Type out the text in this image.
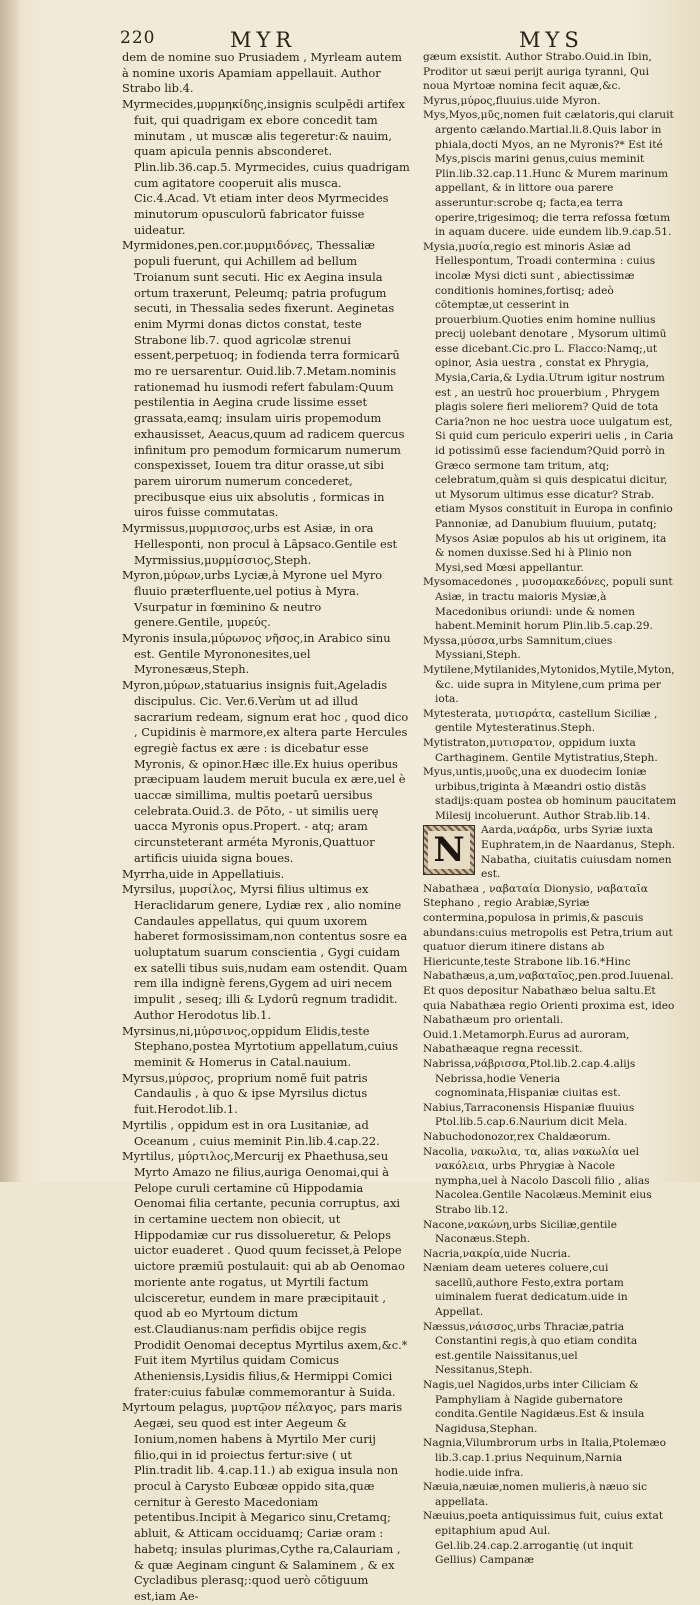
220	MYR	MYS

dem de nomine suo Prusiadem , Myrleam autem à nomine uxoris Apamiam appellauit. Author Strabo lib.4.

Myrmecides,μυρμηκίδης,insignis sculpēdi artifex fuit, qui quadrigam ex ebore concedit tam minutam , ut muscæ alis tegeretur:& nauim, quam apicula pennis absconderet. Plin.lib.36.cap.5. Myrmecides, cuius quadrigam cum agitatore cooperuit alis musca. Cic.4.Acad. Vt etiam inter deos Myrmecides minutorum opusculorū fabricator fuisse uideatur.

Myrmidones,pen.cor.μυρμιδόνες, Thessaliæ populi fuerunt, qui Achillem ad bellum Troianum sunt secuti. Hic ex Aegina insula ortum traxerunt, Peleumq; patria profugum secuti, in Thessalia sedes fixerunt. Aeginetas enim Myrmi donas dictos constat, teste Strabone lib.7. quod agricolæ strenui essent,perpetuoq; in fodienda terra formicarū mo re uersarentur. Ouid.lib.7.Metam.nominis rationemad hu iusmodi refert fabulam:Quum pestilentia in Aegina crude lissime esset grassata,eamq; insulam uiris propemodum exhausisset, Aeacus,quum ad radicem quercus infinitum pro pemodum formicarum numerum conspexisset, Iouem tra ditur orasse,ut sibi parem uirorum numerum concederet, precibusque eius uix absolutis , formicas in uiros fuisse commutatas.

Myrmissus,μυρμισσος,urbs est Asiæ, in ora Hellesponti, non procul à Lāpsaco.Gentile est Myrmissius,μυρμίσσιος,Steph.

Myron,μύρων,urbs Lyciæ,à Myrone uel Myro fluuio præterfluente,uel potius à Myra. Vsurpatur in fœminino & neutro genere.Gentile, μυρεύς.

Myronis insula,μύρωνος νῆσος,in Arabico sinu est. Gentile Myrononesites,uel Myronesæus,Steph.

Myron,μύρων,statuarius insignis fuit,Ageladis discipulus. Cic. Ver.6.Verùm ut ad illud sacrarium redeam, signum erat hoc , quod dico , Cupidinis è marmore,ex altera parte Hercules egregiè factus ex ære : is dicebatur esse Myronis, & opinor.Hæc ille.Ex huius operibus præcipuam laudem meruit bucula ex ære,uel è uaccæ simillima, multis poetarū uersibus celebrata.Ouid.3. de Pōto, - ut similis uerę uacca Myronis opus.Propert. - atq; aram circunsteterant arméta Myronis,Quattuor artificis uiuida signa boues.

Myrrha,uide in Appellatiuis.

Myrsilus, μυρσίλος, Myrsi filius ultimus ex Heraclidarum genere, Lydiæ rex , alio nomine Candaules appellatus, qui quum uxorem haberet formosissimam,non contentus sosre ea uoluptatum suarum conscientia , Gygi cuidam ex satelli tibus suis,nudam eam ostendit. Quam rem illa indignè ferens,Gygem ad uiri necem impulit , seseq; illi & Lydorū regnum tradidit. Author Herodotus lib.1.

Myrsinus,ni,μύρσινος,oppidum Elidis,teste Stephano,postea Myrtotium appellatum,cuius meminit & Homerus in Catal.nauium.

Myrsus,μύρσος, proprium nomē fuit patris Candaulis , à quo & ipse Myrsilus dictus fuit.Herodot.lib.1.

Myrtilis , oppidum est in ora Lusitaniæ, ad Oceanum , cuius meminit P.in.lib.4.cap.22.

Myrtilus, μύρτιλος,Mercurij ex Phaethusa,seu Myrto Amazo ne filius,auriga Oenomai,qui à Pelope curuli certamine cū Hippodamia Oenomai filia certante, pecunia corruptus, axi in certamine uectem non obiecit, ut Hippodamiæ cur rus dissolueretur, & Pelops uictor euaderet . Quod quum fecisset,à Pelope uictore præmiū postulauit: qui ab ab Oenomao moriente ante rogatus, ut Myrtili factum ulcisceretur, eundem in mare præcipitauit , quod ab eo Myrtoum dictum est.Claudianus:nam perfidis obijce regis Prodidit Oenomai deceptus Myrtilus axem,&c.* Fuit item Myrtilus quidam Comicus Atheniensis,Lysidis filius,& Hermippi Comici frater:cuius fabulæ commemorantur à Suida.

Myrtoum pelagus, μυρτῷον πέλαγος, pars maris Aegæi, seu quod est inter Aegeum & Ionium,nomen habens à Myrtilo Mer curij filio,qui in id proiectus fertur:sive ( ut Plin.tradit lib. 4.cap.11.) ab exigua insula non procul à Carysto Eubœæ oppido sita,quæ cernitur à Geresto Macedoniam petentibus.Incipit à Megarico sinu,Cretamq; abluit, & Atticam occiduamq; Cariæ oram : habetq; insulas plurimas,Cythe ra,Calauriam , & quæ Aeginam cingunt & Salaminem , & ex Cycladibus plerasq;:quod uerò cōtiguum est,iam Ae-

gæum exsistit. Author Strabo.Ouid.in Ibin, Proditor ut sæui perijt auriga tyranni, Qui noua Myrtoæ nomina fecit aquæ,&c.

Myrus,μύρος,fluuius.uide Myron.

Mys,Myos,μῦς,nomen fuit cælatoris,qui claruit argento cælando.Martial.li.8.Quis labor in phiala,docti Myos, an ne Myronis?* Est ité Mys,piscis marini genus,cuius meminit Plin.lib.32.cap.11.Hunc & Murem marinum appellant, & in littore oua parere asseruntur:scrobe q; facta,ea terra operire,trigesimoq; die terra refossa fœtum in aquam ducere. uide eundem lib.9.cap.51.

Mysia,μυσία,regio est minoris Asiæ ad Hellespontum, Troadi contermina : cuius incolæ Mysi dicti sunt , abiectissimæ conditionis homines,fortisq; adeò cōtemptæ,ut cesserint in prouerbium.Quoties enim homine nullius precij uolebant denotare , Mysorum ultimū esse dicebant.Cic.pro L. Flacco:Namq;,ut opinor, Asia uestra , constat ex Phrygia, Mysia,Caria,& Lydia.Utrum igitur nostrum est , an uestrū hoc prouerbium , Phrygem plagis solere fieri meliorem? Quid de tota Caria?non ne hoc uestra uoce uulgatum est, Si quid cum periculo experiri uelis , in Caria id potissimū esse faciendum?Quid porrò in Græco sermone tam tritum, atq; celebratum,quàm si quis despicatui dicitur, ut Mysorum ultimus esse dicatur? Strab. etiam Mysos constituit in Europa in confinio Pannoniæ, ad Danubium fluuium, putatq; Mysos Asiæ populos ab his ut originem, ita & nomen duxisse.Sed hi à Plinio non Mysi,sed Mœsi appellantur.

Mysomacedones , μυσομακεδόνες, populi sunt Asiæ, in tractu maioris Mysiæ,à Macedonibus oriundi: unde & nomen habent.Meminit horum Plin.lib.5.cap.29.

Myssa,μύσσα,urbs Samnitum,ciues Myssiani,Steph.

Mytilene,Mytilanides,Mytonidos,Mytile,Myton, &c. uide supra in Mitylene,cum prima per iota.

Mytesterata, μυτισράτα, castellum Siciliæ , gentile Mytesteratinus.Steph.

Mytistraton,μυτισρατον, oppidum iuxta Carthaginem. Gentile Mytistratius,Steph.

Myus,untis,μυοῦς,una ex duodecim Ioniæ urbibus,triginta à Mæandri ostio distās stadijs:quam postea ob hominum paucitatem Milesij incoluerunt. Author Strab.lib.14.

N	Aarda,ναάρδα, urbs Syriæ iuxta Euphratem,in de Naardanus, Steph.

Nabatha, ciuitatis cuiusdam nomen est.

Nabathæa , ναβαταία Dionysio, ναβαταῖα Stephano , regio Arabiæ,Syriæ contermina,populosa in primis,& pascuis abundans:cuius metropolis est Petra,trium aut quatuor dierum itinere distans ab Hiericunte,teste Strabone lib.16.*Hinc Nabathæus,a,um,ναβαταῖος,pen.prod.Iuuenal. Et quos depositur Nabathæo belua saltu.Et quia Nabathæa regio Orienti proxima est, ideo Nabathæum pro orientali. Ouid.1.Metamorph.Eurus ad auroram, Nabathæaque regna recessit.

Nabrissa,νάβρισσα,Ptol.lib.2.cap.4.alijs Nebrissa,hodie Veneria cognominata,Hispaniæ ciuitas est.

Nabius,Tarraconensis Hispaniæ fluuius Ptol.lib.5.cap.6.Naurium dicit Mela.

Nabuchodonozor,rex Chaldæorum.

Nacolia, νακωλια, τα, alias νακωλία uel νακόλεια, urbs Phrygiæ à Nacole nympha,uel à Nacolo Dascoli filio , alias Nacolea.Gentile Nacolæus.Meminit eius Strabo lib.12.

Nacone,νακώνη,urbs Siciliæ,gentile Naconæus.Steph.

Nacria,νακρία,uide Nucria.

Næniam deam ueteres coluere,cui sacellū,authore Festo,extra portam uiminalem fuerat dedicatum.uide in Appellat.

Næssus,νάισσος,urbs Thraciæ,patria Constantini regis,à quo etiam condita est.gentile Naissitanus,uel Nessitanus,Steph.

Nagis,uel Nagidos,urbs inter Ciliciam & Pamphyliam à Nagide gubernatore condita.Gentile Nagidæus.Est & insula Nagidusa,Stephan.

Nagnia,Vilumbrorum urbs in Italia,Ptolemæo lib.3.cap.1.prius Nequinum,Narnia hodie.uide infra.

Næuia,næuiæ,nomen mulieris,à næuo sic appellata.

Næuius,poeta antiquissimus fuit, cuius extat epitaphium apud Aul. Gel.lib.24.cap.2.arrogantię (ut inquit Gellius) Campanæ
